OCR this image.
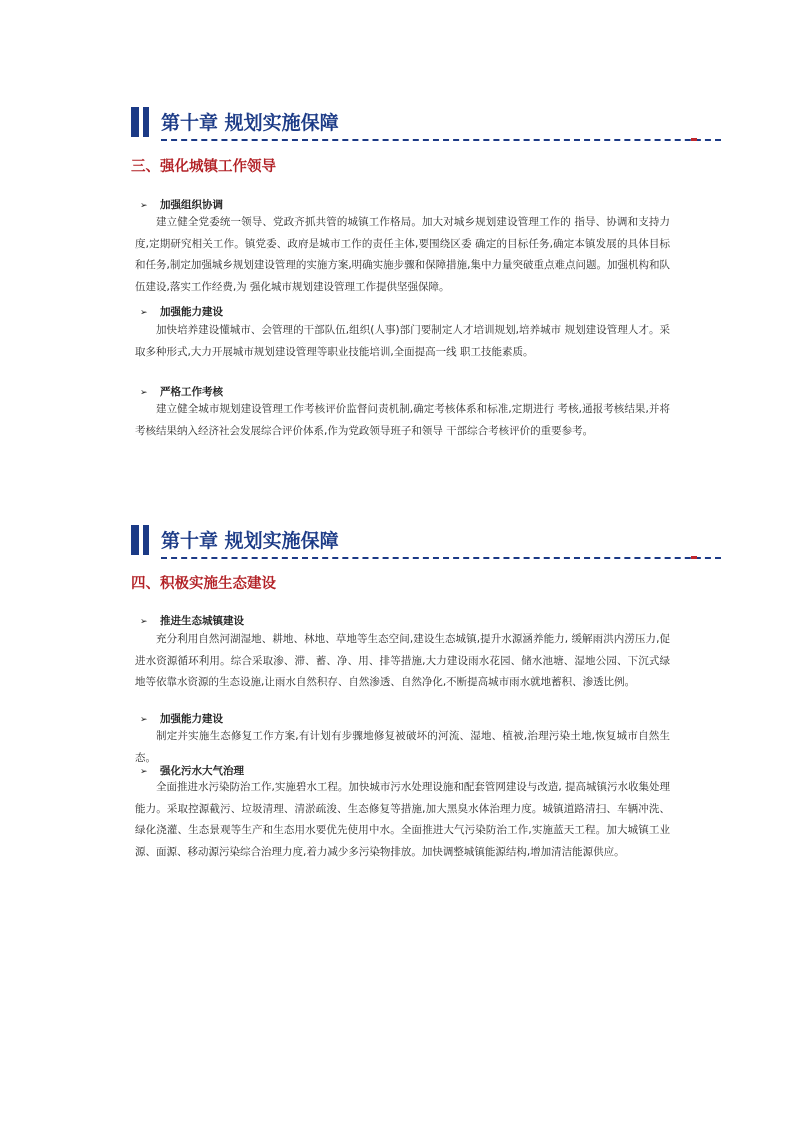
第十章 规划实施保障
三、强化城镇工作领导
➢ 加强组织协调

建立健全党委统一领导、党政齐抓共管的城镇工作格局。加大对城乡规划建设管理工作的 指导、协调和支持力度,定期研究相关工作。镇党委、政府是城市工作的责任主体,要围绕区委 确定的目标任务,确定本镇发展的具体目标和任务,制定加强城乡规划建设管理的实施方案,明确实施步骤和保障措施,集中力量突破重点难点问题。加强机构和队伍建设,落实工作经费,为 强化城市规划建设管理工作提供坚强保障。

➢ 加强能力建设

加快培养建设懂城市、会管理的干部队伍,组织(人事)部门要制定人才培训规划,培养城市 规划建设管理人才。采取多种形式,大力开展城市规划建设管理等职业技能培训,全面提高一线 职工技能素质。

➢ 严格工作考核

建立健全城市规划建设管理工作考核评价监督问责机制,确定考核体系和标准,定期进行 考核,通报考核结果,并将考核结果纳入经济社会发展综合评价体系,作为党政领导班子和领导 干部综合考核评价的重要参考。

第十章 规划实施保障
四、积极实施生态建设
➢ 推进生态城镇建设

充分利用自然河湖湿地、耕地、林地、草地等生态空间,建设生态城镇,提升水源涵养能力, 缓解雨洪内涝压力,促进水资源循环利用。综合采取渗、滞、蓄、净、用、排等措施,大力建设雨水花园、储水池塘、湿地公园、下沉式绿地等依靠水资源的生态设施,让雨水自然积存、自然渗透、自然净化,不断提高城市雨水就地蓄积、渗透比例。

➢ 加强能力建设

制定并实施生态修复工作方案,有计划有步骤地修复被破坏的河流、湿地、植被,治理污染土地,恢复城市自然生态。

➢ 强化污水大气治理

全面推进水污染防治工作,实施碧水工程。加快城市污水处理设施和配套管网建设与改造, 提高城镇污水收集处理能力。采取控源截污、垃圾清理、清淤疏浚、生态修复等措施,加大黑臭水体治理力度。城镇道路清扫、车辆冲洗、绿化浇灌、生态景观等生产和生态用水要优先使用中水。全面推进大气污染防治工作,实施蓝天工程。加大城镇工业源、面源、移动源污染综合治理力度,着力减少多污染物排放。加快调整城镇能源结构,增加清洁能源供应。
